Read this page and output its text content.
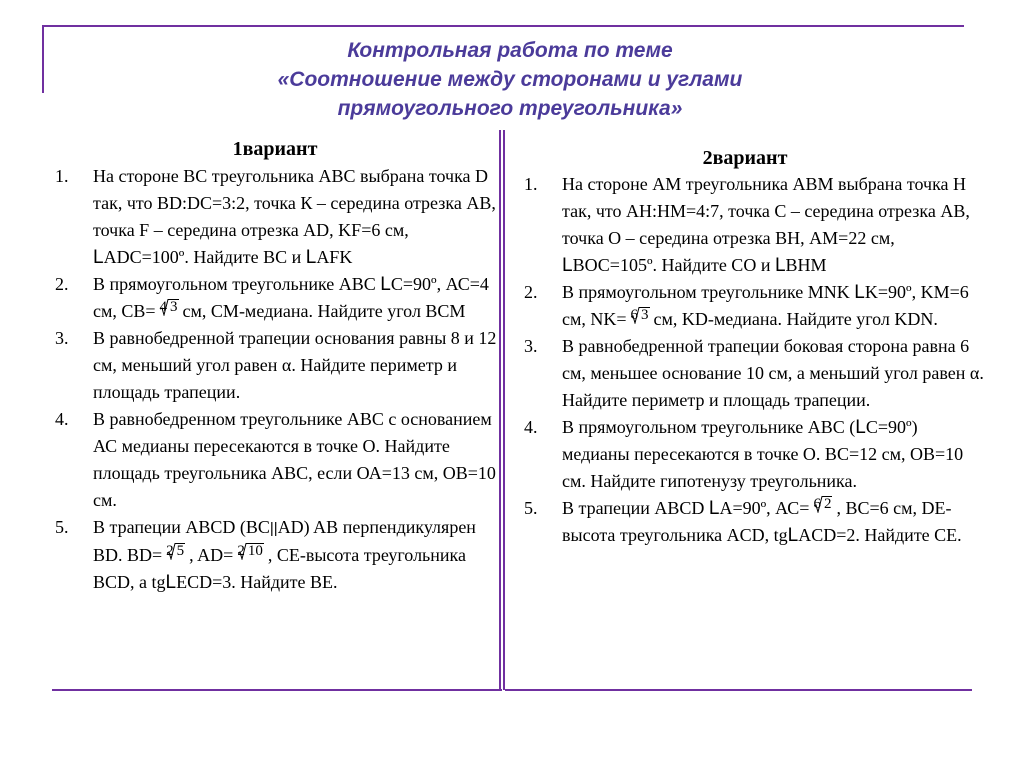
Контрольная работа по теме
«Соотношение между сторонами и углами
прямоугольного треугольника»
1вариант
1. На стороне ВС треугольника АВС выбрана точка D так, что BD:DC=3:2, точка К – середина отрезка АВ, точка F – середина отрезка AD, KF=6 см, LADC=100º. Найдите ВС и LAFK
2. В прямоугольном треугольнике АВС LС=90º, АС=4 см, СВ= 4 3 см, СМ-медиана. Найдите угол ВСМ
3. В равнобедренной трапеции основания равны 8 и 12 см, меньший угол равен α. Найдите периметр и площадь трапеции.
4. В равнобедренном треугольнике АВС с основанием АС медианы пересекаются в точке О. Найдите площадь треугольника АВС, если ОА=13 см, ОВ=10 см.
5. В трапеции ABCD (BC||AD) AB перпендикулярен BD. BD= 2 5 , AD= 2 10 , CE-высота треугольника BCD, а tgLECD=3. Найдите ВЕ.
2вариант
1. На стороне АМ треугольника АВМ выбрана точка Н так, что АН:НМ=4:7, точка С – середина отрезка АВ, точка О – середина отрезка ВН, АМ=22 см, LВОС=105º. Найдите СО и LВНМ
2. В прямоугольном треугольнике MNK LK=90º, KM=6 см, NK= 6 3 см, KD-медиана. Найдите угол KDN.
3. В равнобедренной трапеции боковая сторона равна 6 см, меньшее основание 10 см, а меньший угол равен α. Найдите периметр и площадь трапеции.
4. В прямоугольном треугольнике АВС (LС=90º) медианы пересекаются в точке О. ВС=12 см, ОВ=10 см. Найдите гипотенузу треугольника.
5. В трапеции ABCD LА=90º, АС= 6 2 , ВС=6 см, DE- высота треугольника ACD, tgLACD=2. Найдите СЕ.
